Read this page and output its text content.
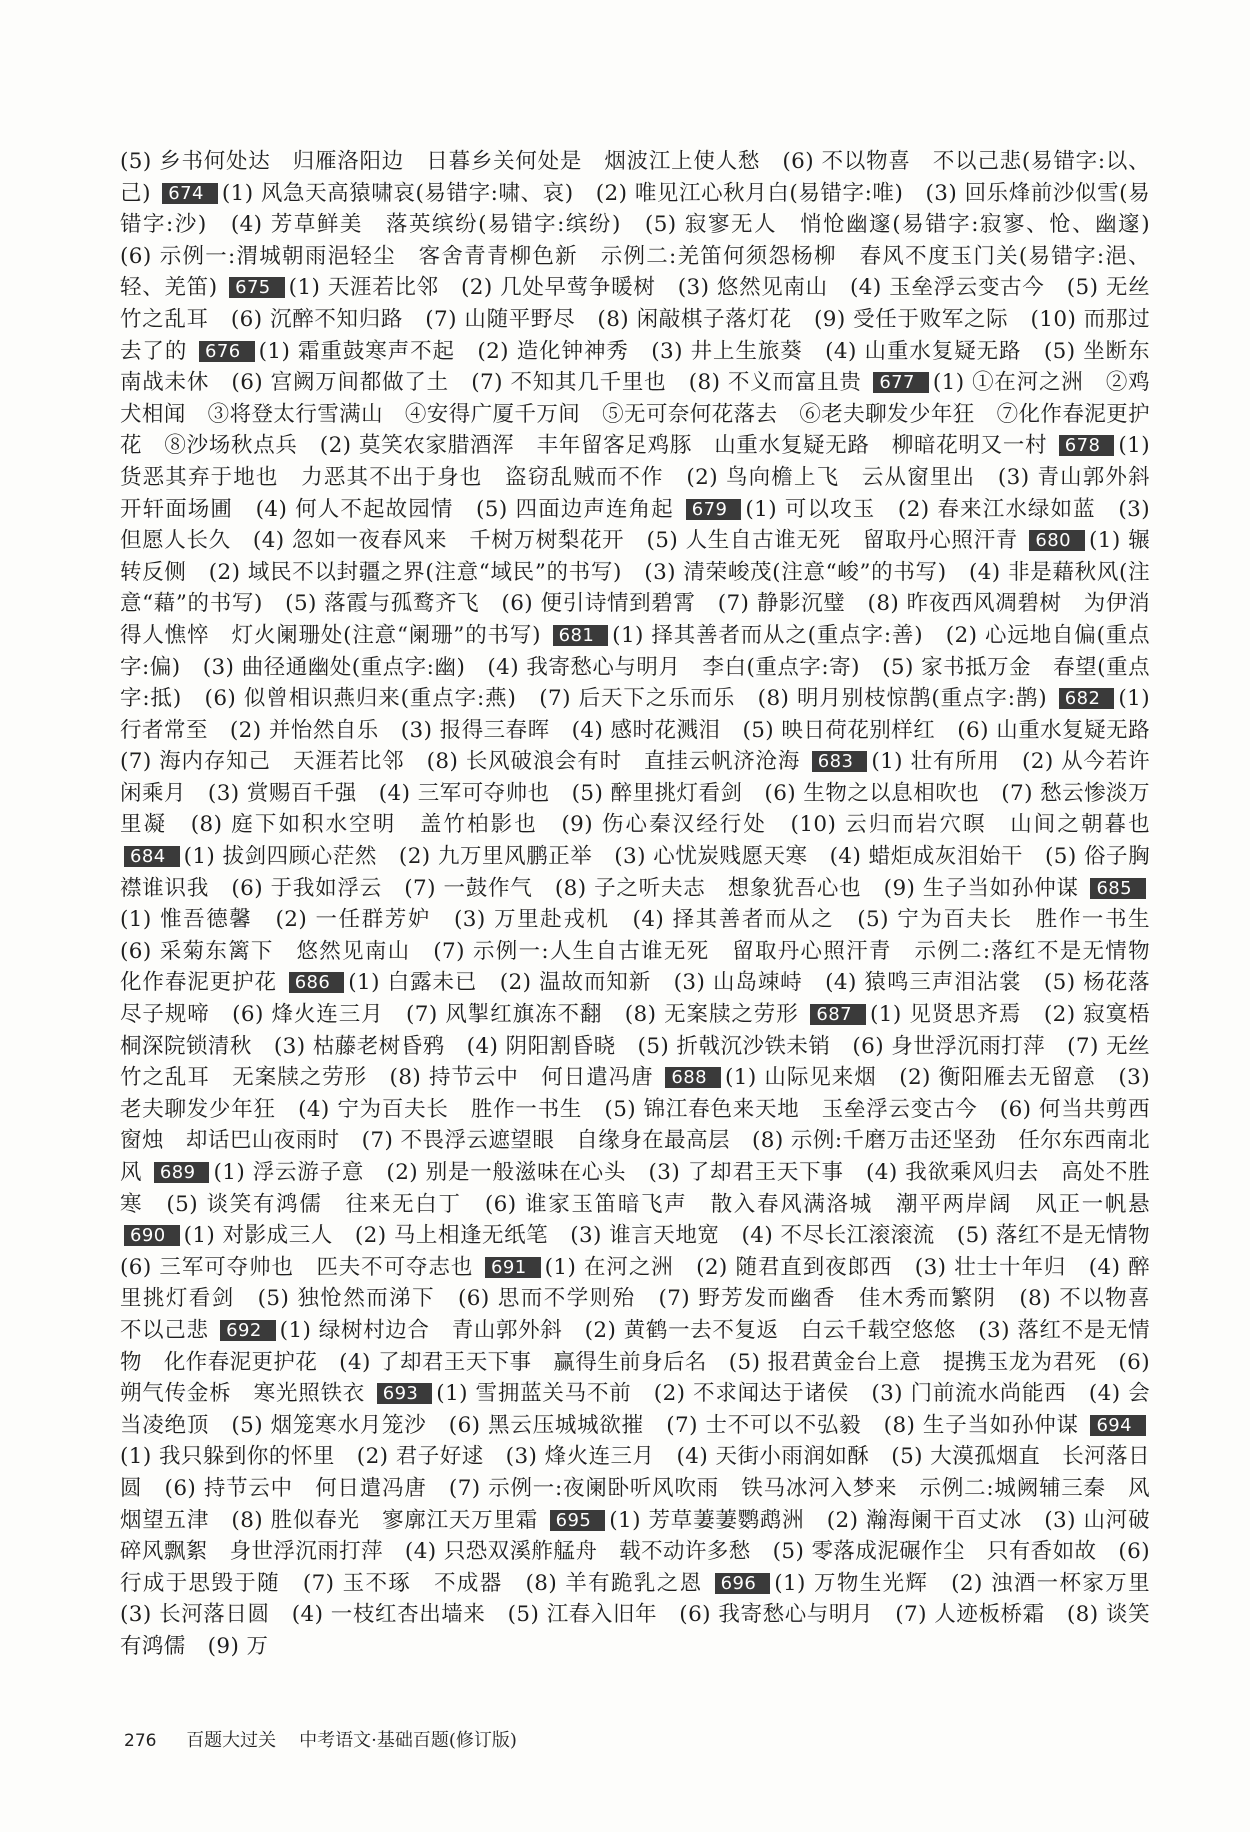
(5) 乡书何处达　归雁洛阳边　日暮乡关何处是　烟波江上使人愁　(6) 不以物喜　不以己悲(易错字:以、己) 674 (1) 风急天高猿啸哀(易错字:啸、哀)　(2) 唯见江心秋月白(易错字:唯)　(3) 回乐烽前沙似雪(易错字:沙)　(4) 芳草鲜美　落英缤纷(易错字:缤纷)　(5) 寂寥无人　悄怆幽邃(易错字:寂寥、怆、幽邃)　(6) 示例一:渭城朝雨浥轻尘　客舍青青柳色新　示例二:羌笛何须怨杨柳　春风不度玉门关(易错字:浥、轻、羌笛) 675 (1) 天涯若比邻　(2) 几处早莺争暖树　(3) 悠然见南山　(4) 玉垒浮云变古今　(5) 无丝竹之乱耳　(6) 沉醉不知归路　(7) 山随平野尽　(8) 闲敲棋子落灯花　(9) 受任于败军之际　(10) 而那过去了的 676 (1) 霜重鼓寒声不起　(2) 造化钟神秀　(3) 井上生旅葵　(4) 山重水复疑无路　(5) 坐断东南战未休　(6) 宫阙万间都做了土　(7) 不知其几千里也　(8) 不义而富且贵 677 (1) ①在河之洲　②鸡犬相闻　③将登太行雪满山　④安得广厦千万间　⑤无可奈何花落去　⑥老夫聊发少年狂　⑦化作春泥更护花　⑧沙场秋点兵　(2) 莫笑农家腊酒浑　丰年留客足鸡豚　山重水复疑无路　柳暗花明又一村 678 (1) 货恶其弃于地也　力恶其不出于身也　盗窃乱贼而不作　(2) 鸟向檐上飞　云从窗里出　(3) 青山郭外斜　开轩面场圃　(4) 何人不起故园情　(5) 四面边声连角起 679 (1) 可以攻玉　(2) 春来江水绿如蓝　(3) 但愿人长久　(4) 忽如一夜春风来　千树万树梨花开　(5) 人生自古谁无死　留取丹心照汗青 680 (1) 辗转反侧　(2) 域民不以封疆之界(注意“域民”的书写)　(3) 清荣峻茂(注意“峻”的书写)　(4) 非是藉秋风(注意“藉”的书写)　(5) 落霞与孤鹜齐飞　(6) 便引诗情到碧霄　(7) 静影沉璧　(8) 昨夜西风凋碧树　为伊消得人憔悴　灯火阑珊处(注意“阑珊”的书写) 681 (1) 择其善者而从之(重点字:善)　(2) 心远地自偏(重点字:偏)　(3) 曲径通幽处(重点字:幽)　(4) 我寄愁心与明月　李白(重点字:寄)　(5) 家书抵万金　春望(重点字:抵)　(6) 似曾相识燕归来(重点字:燕)　(7) 后天下之乐而乐　(8) 明月别枝惊鹊(重点字:鹊) 682 (1) 行者常至　(2) 并怡然自乐　(3) 报得三春晖　(4) 感时花溅泪　(5) 映日荷花别样红　(6) 山重水复疑无路　(7) 海内存知己　天涯若比邻　(8) 长风破浪会有时　直挂云帆济沧海 683 (1) 壮有所用　(2) 从今若许闲乘月　(3) 赏赐百千强　(4) 三军可夺帅也　(5) 醉里挑灯看剑　(6) 生物之以息相吹也　(7) 愁云惨淡万里凝　(8) 庭下如积水空明　盖竹柏影也　(9) 伤心秦汉经行处　(10) 云归而岩穴暝　山间之朝暮也 684 (1) 拔剑四顾心茫然　(2) 九万里风鹏正举　(3) 心忧炭贱愿天寒　(4) 蜡炬成灰泪始干　(5) 俗子胸襟谁识我　(6) 于我如浮云　(7) 一鼓作气　(8) 子之听夫志　想象犹吾心也　(9) 生子当如孙仲谋 685(1) 惟吾德馨　(2) 一任群芳妒　(3) 万里赴戎机　(4) 择其善者而从之　(5) 宁为百夫长　胜作一书生　(6) 采菊东篱下　悠然见南山　(7) 示例一:人生自古谁无死　留取丹心照汗青　示例二:落红不是无情物　化作春泥更护花 686 (1) 白露未已　(2) 温故而知新　(3) 山岛竦峙　(4) 猿鸣三声泪沾裳　(5) 杨花落尽子规啼　(6) 烽火连三月　(7) 风掣红旗冻不翻　(8) 无案牍之劳形 687 (1) 见贤思齐焉　(2) 寂寞梧桐深院锁清秋　(3) 枯藤老树昏鸦　(4) 阴阳割昏晓　(5) 折戟沉沙铁未销　(6) 身世浮沉雨打萍　(7) 无丝竹之乱耳　无案牍之劳形　(8) 持节云中　何日遣冯唐 688 (1) 山际见来烟　(2) 衡阳雁去无留意　(3) 老夫聊发少年狂　(4) 宁为百夫长　胜作一书生　(5) 锦江春色来天地　玉垒浮云变古今　(6) 何当共剪西窗烛　却话巴山夜雨时　(7) 不畏浮云遮望眼　自缘身在最高层　(8) 示例:千磨万击还坚劲　任尔东西南北风 689 (1) 浮云游子意　(2) 别是一般滋味在心头　(3) 了却君王天下事　(4) 我欲乘风归去　高处不胜寒　(5) 谈笑有鸿儒　往来无白丁　(6) 谁家玉笛暗飞声　散入春风满洛城　潮平两岸阔　风正一帆悬 690 (1) 对影成三人　(2) 马上相逢无纸笔　(3) 谁言天地宽　(4) 不尽长江滚滚流　(5) 落红不是无情物　(6) 三军可夺帅也　匹夫不可夺志也 691 (1) 在河之洲　(2) 随君直到夜郎西　(3) 壮士十年归　(4) 醉里挑灯看剑　(5) 独怆然而涕下　(6) 思而不学则殆　(7) 野芳发而幽香　佳木秀而繁阴　(8) 不以物喜　不以己悲 692 (1) 绿树村边合　青山郭外斜　(2) 黄鹤一去不复返　白云千载空悠悠　(3) 落红不是无情物　化作春泥更护花　(4) 了却君王天下事　赢得生前身后名　(5) 报君黄金台上意　提携玉龙为君死　(6) 朔气传金柝　寒光照铁衣 693 (1) 雪拥蓝关马不前　(2) 不求闻达于诸侯　(3) 门前流水尚能西　(4) 会当凌绝顶　(5) 烟笼寒水月笼沙　(6) 黑云压城城欲摧　(7) 士不可以不弘毅　(8) 生子当如孙仲谋 694(1) 我只躲到你的怀里　(2) 君子好逑　(3) 烽火连三月　(4) 天街小雨润如酥　(5) 大漠孤烟直　长河落日圆　(6) 持节云中　何日遣冯唐　(7) 示例一:夜阑卧听风吹雨　铁马冰河入梦来　示例二:城阙辅三秦　风烟望五津　(8) 胜似春光　寥廓江天万里霜 695 (1) 芳草萋萋鹦鹉洲　(2) 瀚海阑干百丈冰　(3) 山河破碎风飘絮　身世浮沉雨打萍　(4) 只恐双溪舴艋舟　载不动许多愁　(5) 零落成泥碾作尘　只有香如故　(6) 行成于思毁于随　(7) 玉不琢　不成器　(8) 羊有跪乳之恩 696 (1) 万物生光辉　(2) 浊酒一杯家万里　(3) 长河落日圆　(4) 一枝红杏出墙来　(5) 江春入旧年　(6) 我寄愁心与明月　(7) 人迹板桥霜　(8) 谈笑有鸿儒　(9) 万

276 百题大过关 中考语文·基础百题(修订版)
